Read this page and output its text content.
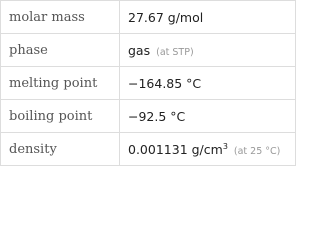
molar mass	27.67 g/mol
phase	gas (at STP)
melting point	−164.85 °C
boiling point	−92.5 °C
density	0.001131 $g/cm^3$ (at 25 °C)
